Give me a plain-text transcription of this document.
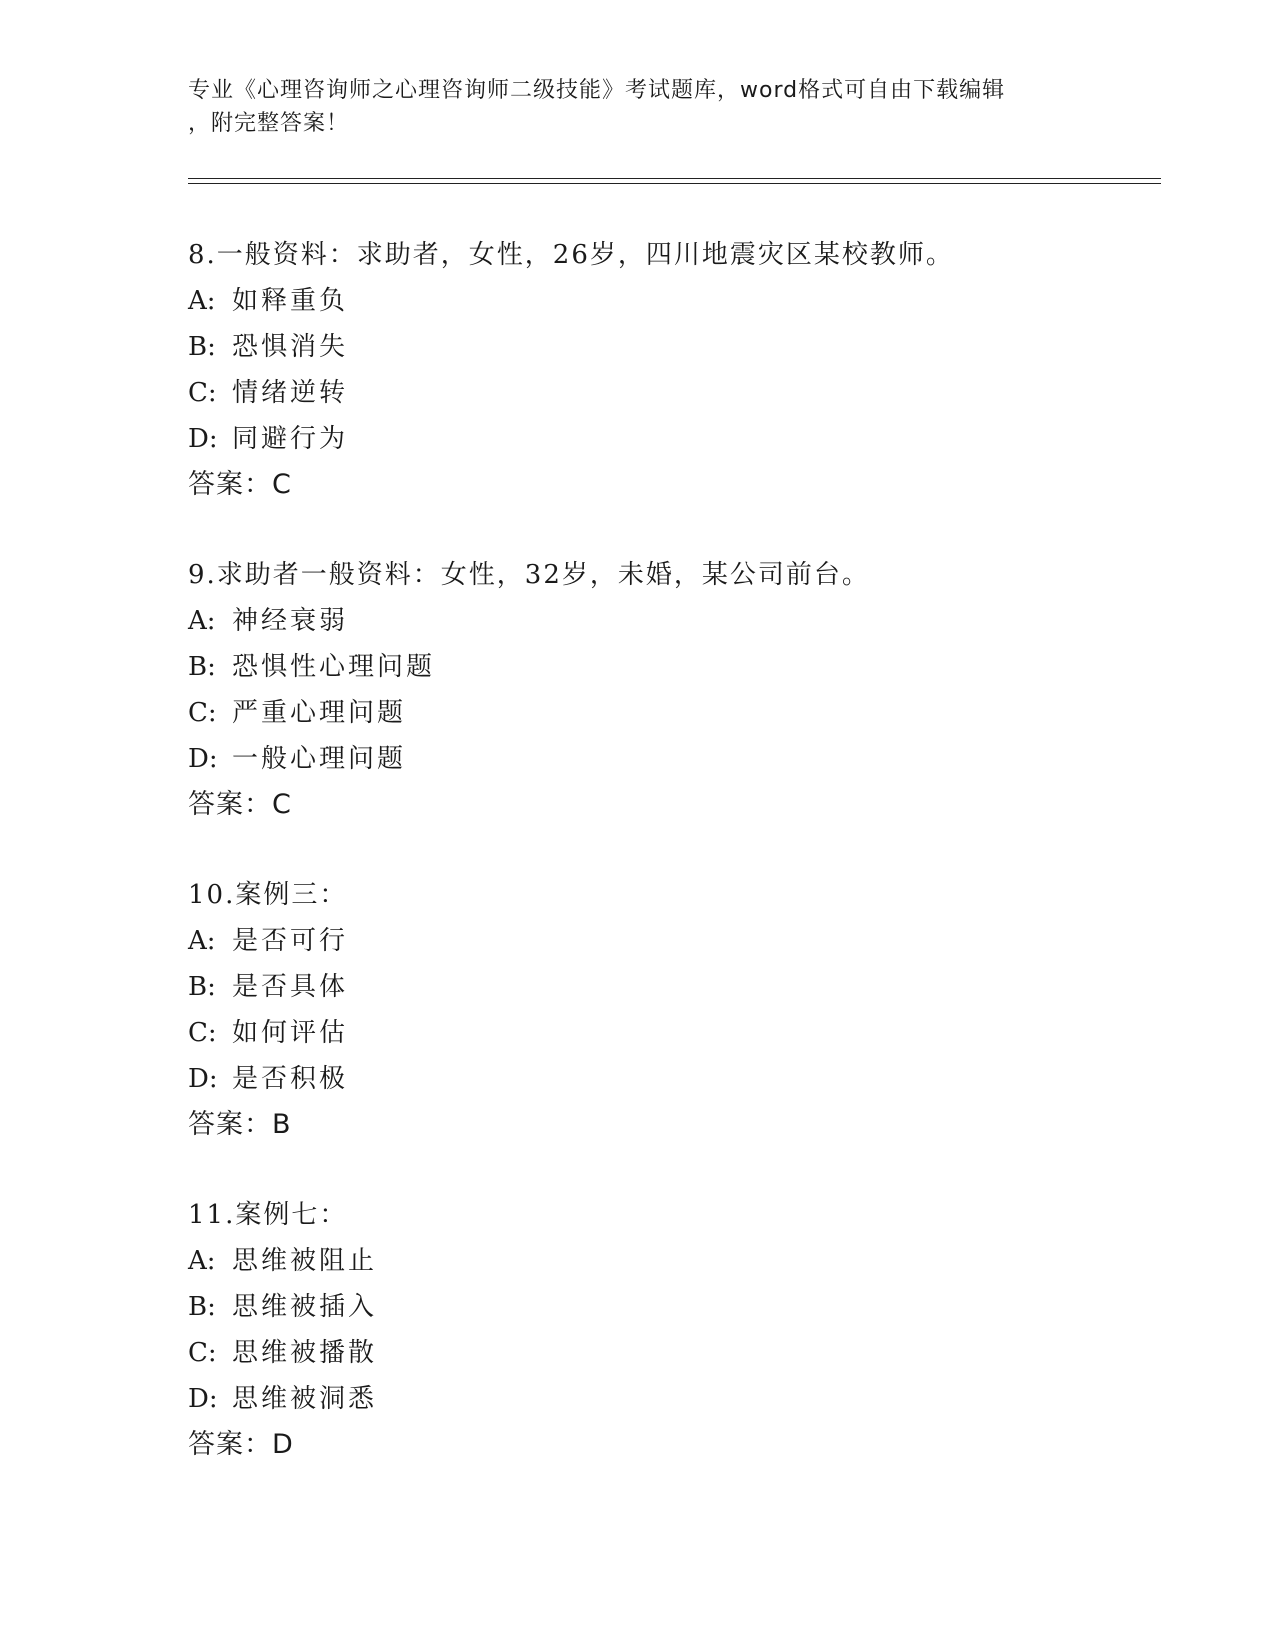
专业《心理咨询师之心理咨询师二级技能》考试题库，word格式可自由下载编辑
，附完整答案！
8.一般资料：求助者，女性，26岁，四川地震灾区某校教师。
A: 如释重负
B: 恐惧消失
C: 情绪逆转
D: 同避行为
答案：C
9.求助者一般资料：女性，32岁，未婚，某公司前台。
A: 神经衰弱
B: 恐惧性心理问题
C: 严重心理问题
D: 一般心理问题
答案：C
10.案例三：
A: 是否可行
B: 是否具体
C: 如何评估
D: 是否积极
答案：B
11.案例七：
A: 思维被阻止
B: 思维被插入
C: 思维被播散
D: 思维被洞悉
答案：D
